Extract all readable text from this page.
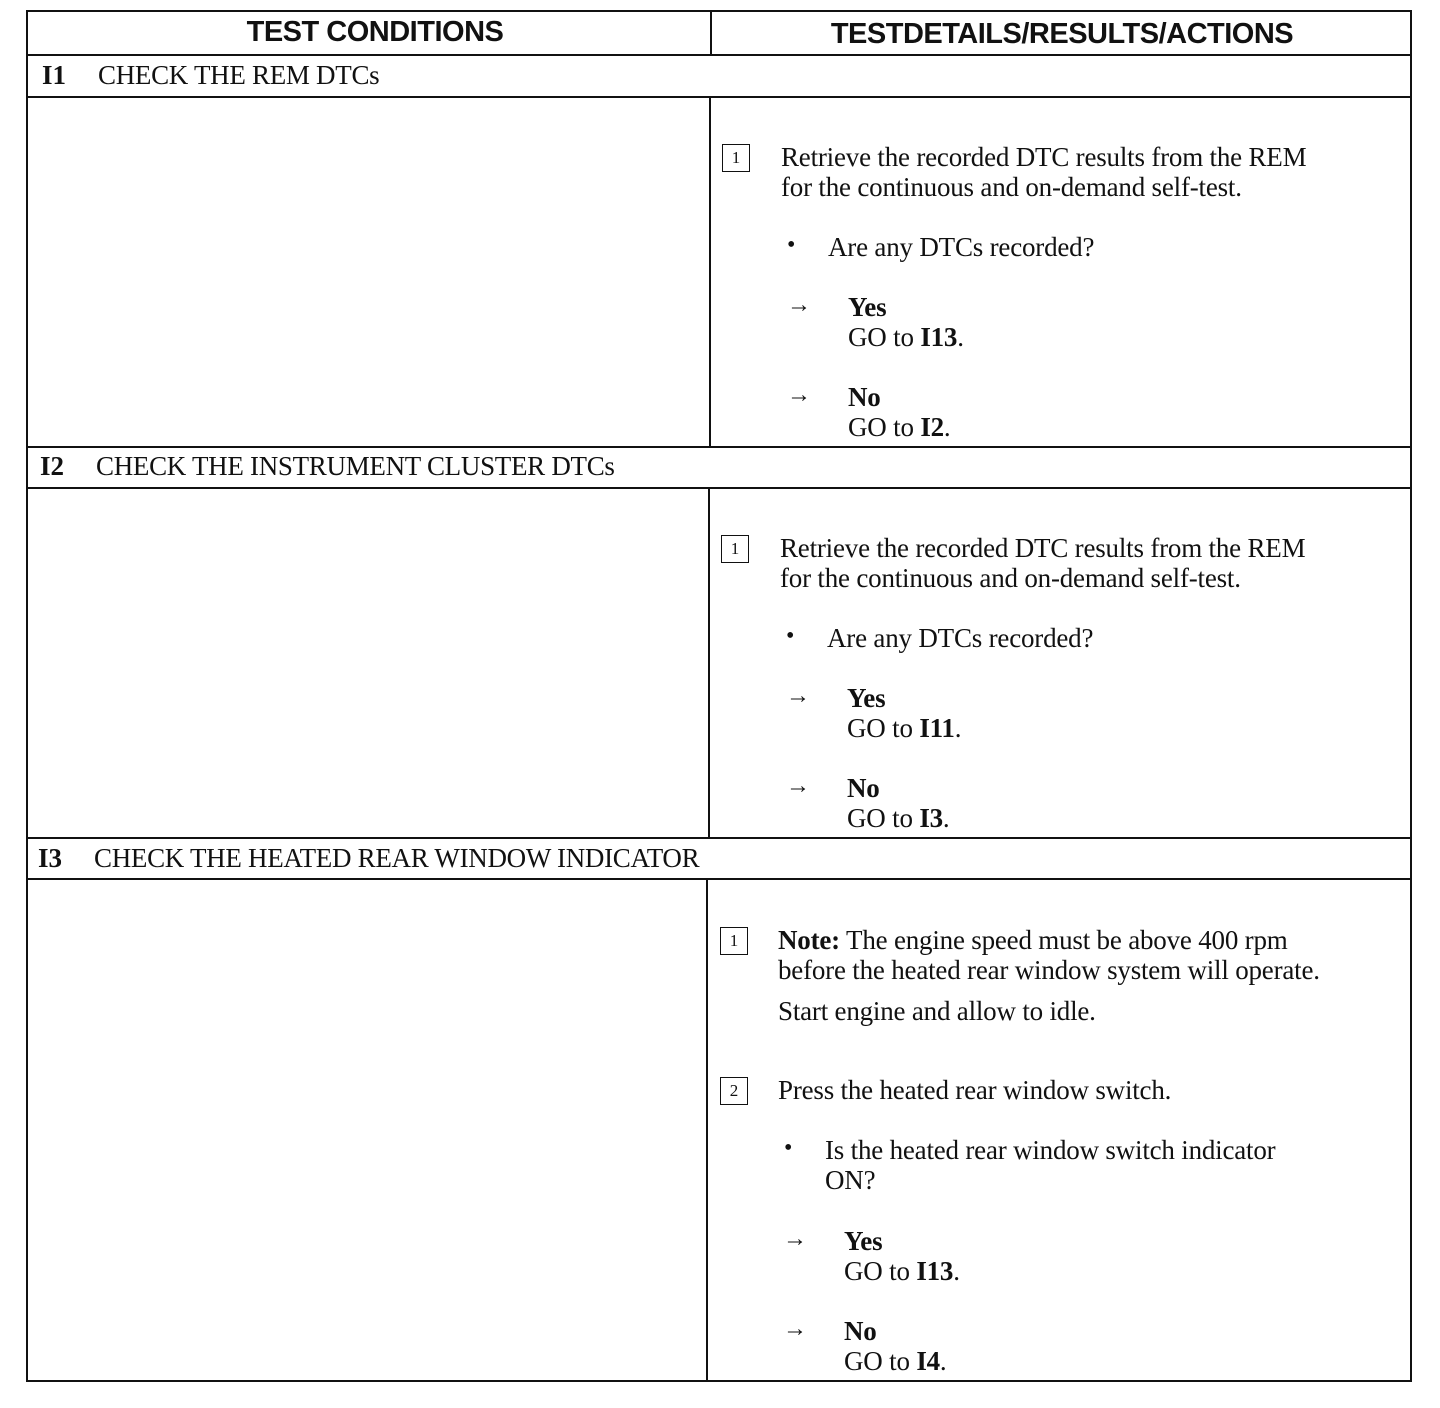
TEST CONDITIONS	TESTDETAILS/RESULTS/ACTIONS
I1 CHECK THE REM DTCs
1	Retrieve the recorded DTC results from the REM
for the continuous and on-demand self-test.
• Are any DTCs recorded?
→ Yes
GO to I13.
→ No
GO to I2.
I2 CHECK THE INSTRUMENT CLUSTER DTCs
1	Retrieve the recorded DTC results from the REM
for the continuous and on-demand self-test.
• Are any DTCs recorded?
→ Yes
GO to I11.
→ No
GO to I3.
I3 CHECK THE HEATED REAR WINDOW INDICATOR
1	Note: The engine speed must be above 400 rpm
before the heated rear window system will operate.
Start engine and allow to idle.
2	Press the heated rear window switch.
• Is the heated rear window switch indicator
ON?
→ Yes
GO to I13.
→ No
GO to I4.
